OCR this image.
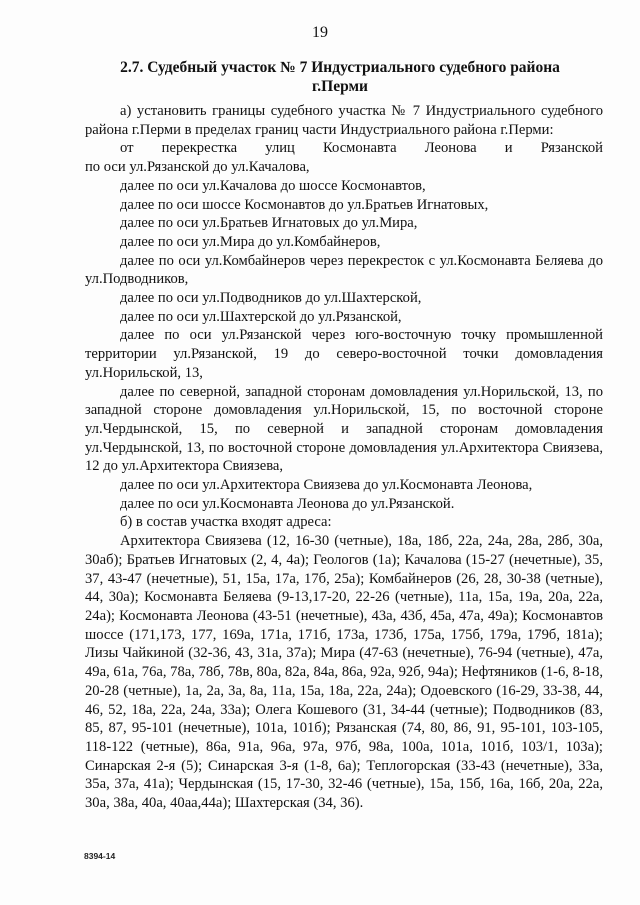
19
2.7. Судебный участок № 7 Индустриального судебного района
г.Перми

а) установить границы судебного участка № 7 Индустриального судебного района г.Перми в пределах границ части Индустриального района г.Перми:

от перекрестка улиц Космонавта Леонова и Рязанской

по оси ул.Рязанской до ул.Качалова,

далее по оси ул.Качалова до шоссе Космонавтов,

далее по оси шоссе Космонавтов до ул.Братьев Игнатовых,

далее по оси ул.Братьев Игнатовых до ул.Мира,

далее по оси ул.Мира до ул.Комбайнеров,

далее по оси ул.Комбайнеров через перекресток с ул.Космонавта Беляева до ул.Подводников,

далее по оси ул.Подводников до ул.Шахтерской,

далее по оси ул.Шахтерской до ул.Рязанской,

далее по оси ул.Рязанской через юго-восточную точку промышленной территории ул.Рязанской, 19 до северо-восточной точки домовладения ул.Норильской, 13,

далее по северной, западной сторонам домовладения ул.Норильской, 13, по западной стороне домовладения ул.Норильской, 15, по восточной стороне ул.Чердынской, 15, по северной и западной сторонам домовладения ул.Чердынской, 13, по восточной стороне домовладения ул.Архитектора Свиязева, 12 до ул.Архитектора Свиязева,

далее по оси ул.Архитектора Свиязева до ул.Космонавта Леонова,

далее по оси ул.Космонавта Леонова до ул.Рязанской.

б) в состав участка входят адреса:

Архитектора Свиязева (12, 16-30 (четные), 18а, 18б, 22а, 24а, 28а, 28б, 30а, 30аб); Братьев Игнатовых (2, 4, 4а); Геологов (1а); Качалова (15-27 (нечетные), 35, 37, 43-47 (нечетные), 51, 15а, 17а, 17б, 25а); Комбайнеров (26, 28, 30-38 (четные), 44, 30а); Космонавта Беляева (9-13,17-20, 22-26 (четные), 11а, 15а, 19а, 20а, 22а, 24а); Космонавта Леонова (43-51 (нечетные), 43а, 43б, 45а, 47а, 49а); Космонавтов шоссе (171,173, 177, 169а, 171а, 171б, 173а, 173б, 175а, 175б, 179а, 179б, 181а); Лизы Чайкиной (32-36, 43, 31а, 37а); Мира (47-63 (нечетные), 76-94 (четные), 47а, 49а, 61а, 76а, 78а, 78б, 78в, 80а, 82а, 84а, 86а, 92а, 92б, 94а); Нефтяников (1-6, 8-18, 20-28 (четные), 1а, 2а, 3а, 8а, 11а, 15а, 18а, 22а, 24а); Одоевского (16-29, 33-38, 44, 46, 52, 18а, 22а, 24а, 33а); Олега Кошевого (31, 34-44 (четные); Подводников (83, 85, 87, 95-101 (нечетные), 101а, 101б); Рязанская (74, 80, 86, 91, 95-101, 103-105, 118-122 (четные), 86а, 91а, 96а, 97а, 97б, 98а, 100а, 101а, 101б, 103/1, 103а); Синарская 2-я (5); Синарская 3-я (1-8, 6а); Теплогорская (33-43 (нечетные), 33а, 35а, 37а, 41а); Чердынская (15, 17-30, 32-46 (четные), 15а, 15б, 16а, 16б, 20а, 22а, 30а, 38а, 40а, 40аа,44а); Шахтерская (34, 36).

8394-14
